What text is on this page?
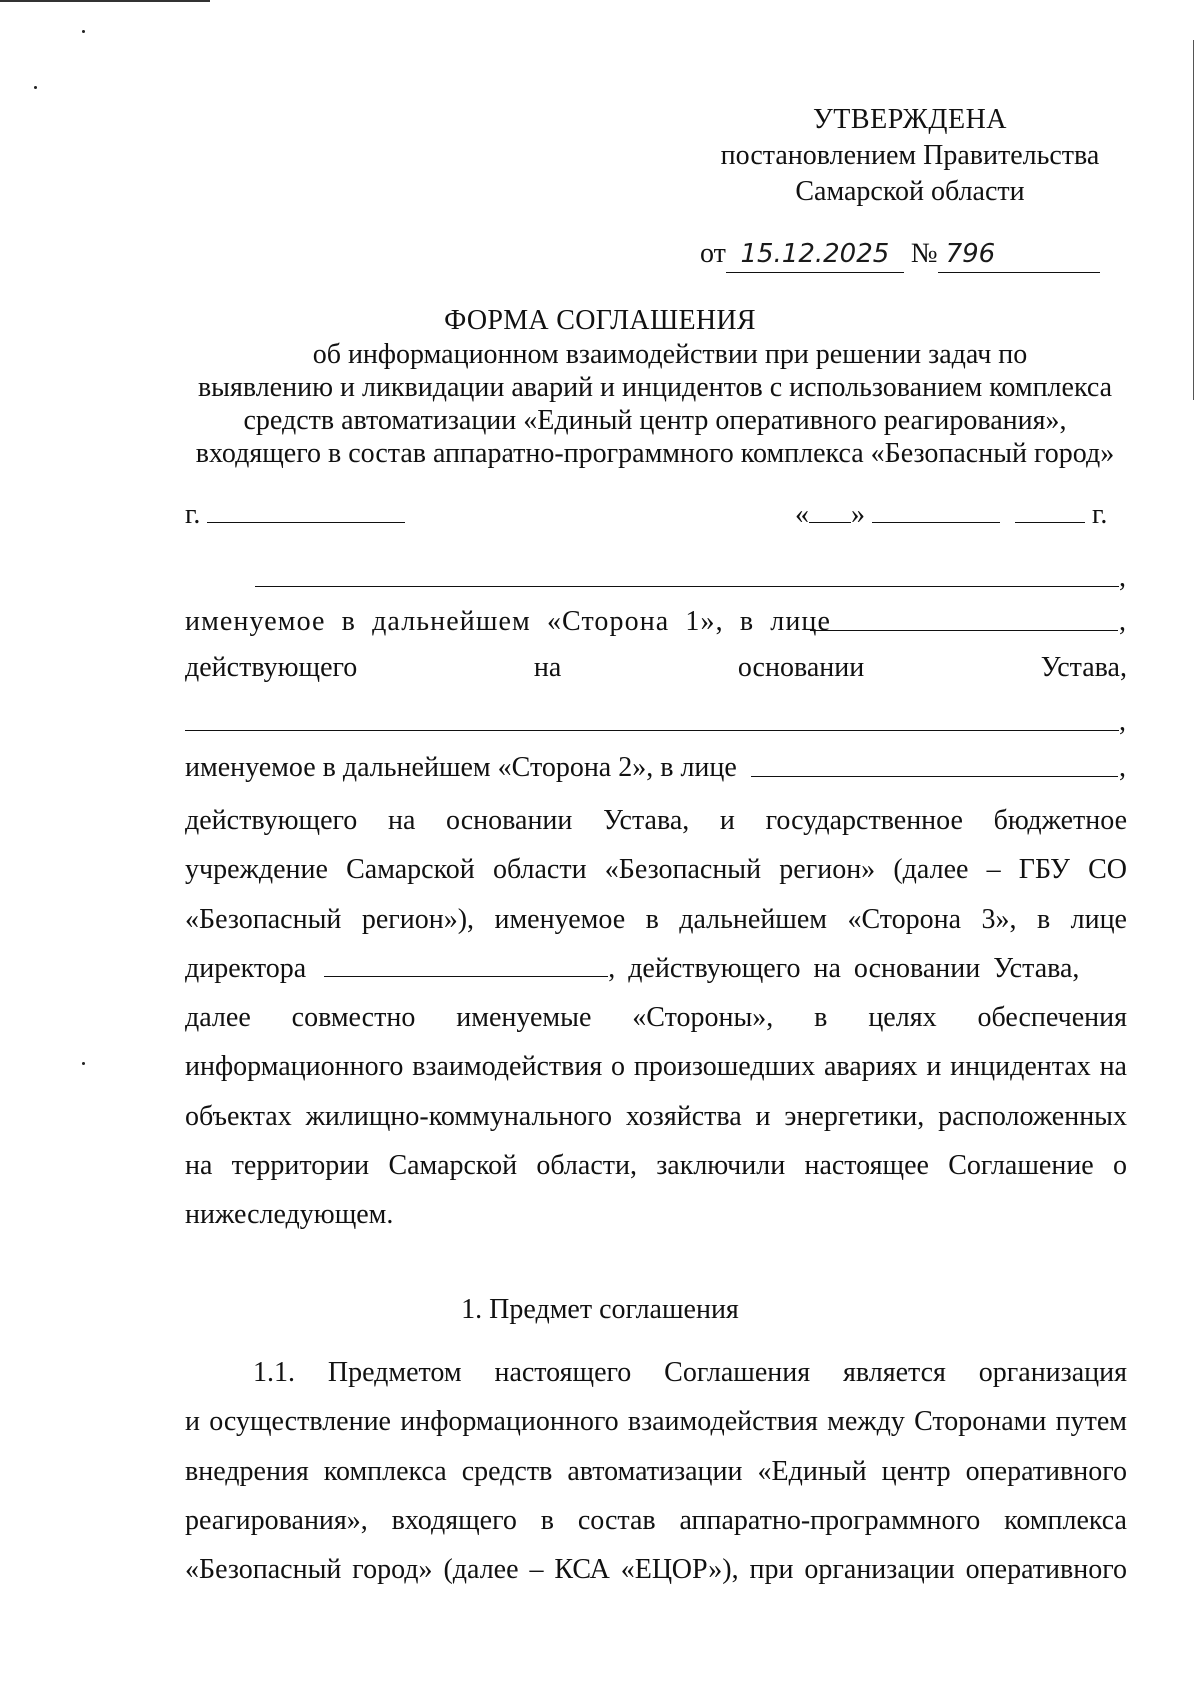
УТВЕРЖДЕНА
постановлением Правительства
Самарской области
от 15.12.2025 № 796
ФОРМА СОГЛАШЕНИЯ
об информационном взаимодействии при решении задач по
выявлению и ликвидации аварий и инцидентов с использованием комплекса
средств автоматизации «Единый центр оперативного реагирования»,
входящего в состав аппаратно-программного комплекса «Безопасный город»
г.	« »	г.
,
именуемое в дальнейшем «Сторона 1», в лице	,
действующего	на	основании	Устава,
,
именуемое в дальнейшем «Сторона 2», в лице	,
действующего на основании Устава, и государственное бюджетное
учреждение Самарской области «Безопасный регион» (далее – ГБУ СО
«Безопасный регион»), именуемое в дальнейшем «Сторона 3», в лице
директора	, действующего на основании Устава,
далее совместно именуемые «Стороны», в целях обеспечения
информационного взаимодействия о произошедших авариях и инцидентах на
объектах жилищно-коммунального хозяйства и энергетики, расположенных
на территории Самарской области, заключили настоящее Соглашение о
нижеследующем.
1. Предмет соглашения
1.1. Предметом настоящего Соглашения является организация
и осуществление информационного взаимодействия между Сторонами путем
внедрения комплекса средств автоматизации «Единый центр оперативного
реагирования», входящего в состав аппаратно-программного комплекса
«Безопасный город» (далее – КСА «ЕЦОР»), при организации оперативного
